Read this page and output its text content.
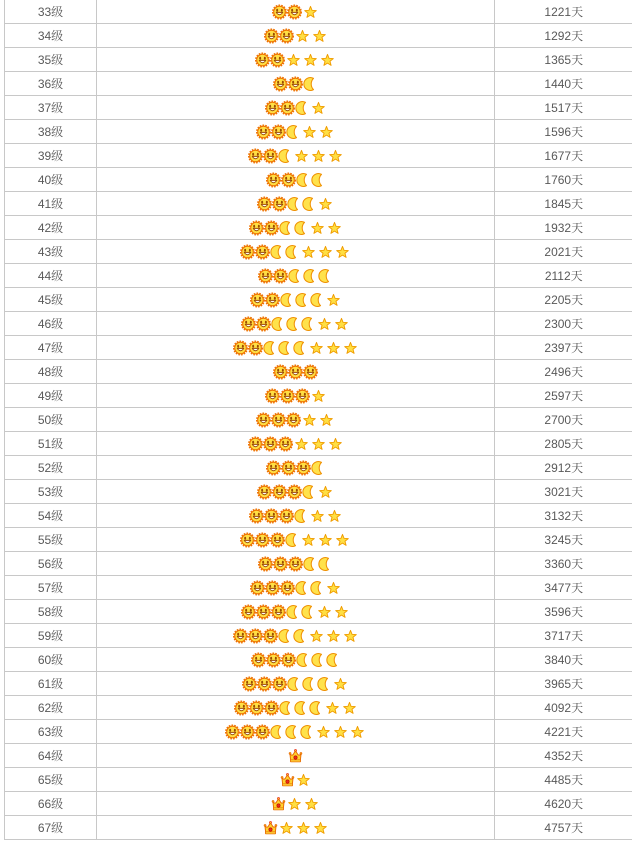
33级		1221天
34级		1292天
35级		1365天
36级		1440天
37级		1517天
38级		1596天
39级		1677天
40级		1760天
41级		1845天
42级		1932天
43级		2021天
44级		2112天
45级		2205天
46级		2300天
47级		2397天
48级		2496天
49级		2597天
50级		2700天
51级		2805天
52级		2912天
53级		3021天
54级		3132天
55级		3245天
56级		3360天
57级		3477天
58级		3596天
59级		3717天
60级		3840天
61级		3965天
62级		4092天
63级		4221天
64级		4352天
65级		4485天
66级		4620天
67级		4757天
